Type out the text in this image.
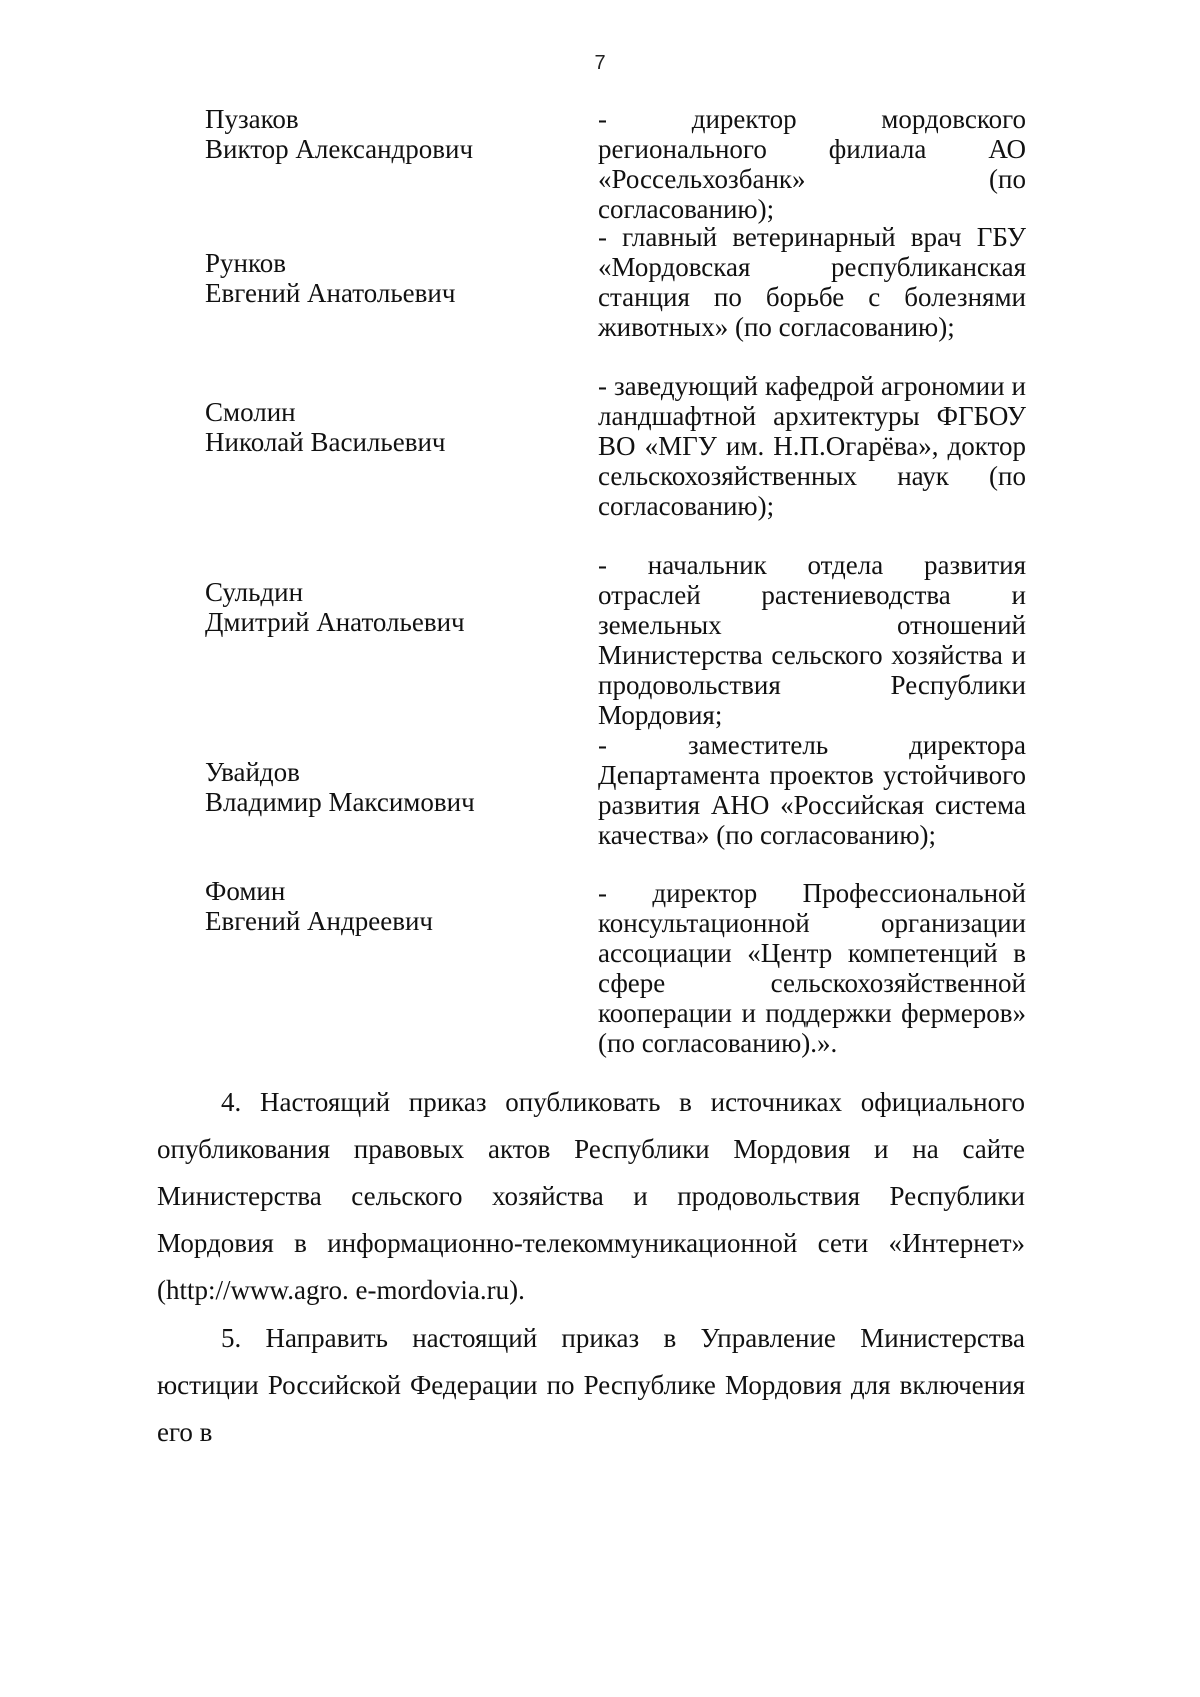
7
Пузаков
Виктор Александрович
- директор мордовского регионального филиала АО «Россельхозбанк» (по согласованию);
Рунков
Евгений Анатольевич
- главный ветеринарный врач ГБУ «Мордовская республиканская станция по борьбе с болезнями животных» (по согласованию);
Смолин
Николай Васильевич
- заведующий кафедрой агрономии и ландшафтной архитектуры ФГБОУ ВО «МГУ им. Н.П.Огарёва», доктор сельскохозяйственных наук (по согласованию);
Сульдин
Дмитрий Анатольевич
- начальник отдела развития отраслей растениеводства и земельных отношений Министерства сельского хозяйства и продовольствия Республики Мордовия;
Увайдов
Владимир Максимович
- заместитель директора Департамента проектов устойчивого развития АНО «Российская система качества» (по согласованию);
Фомин
Евгений Андреевич
- директор Профессиональной консультационной организации ассоциации «Центр компетенций в сфере сельскохозяйственной кооперации и поддержки фермеров» (по согласованию).».

4. Настоящий приказ опубликовать в источниках официального опубликования правовых актов Республики Мордовия и на сайте Министерства сельского хозяйства и продовольствия Республики Мордовия в информационно-телекоммуникационной сети «Интернет» (http://www.agro. e-mordovia.ru).

5. Направить настоящий приказ в Управление Министерства юстиции Российской Федерации по Республике Мордовия для включения его в
